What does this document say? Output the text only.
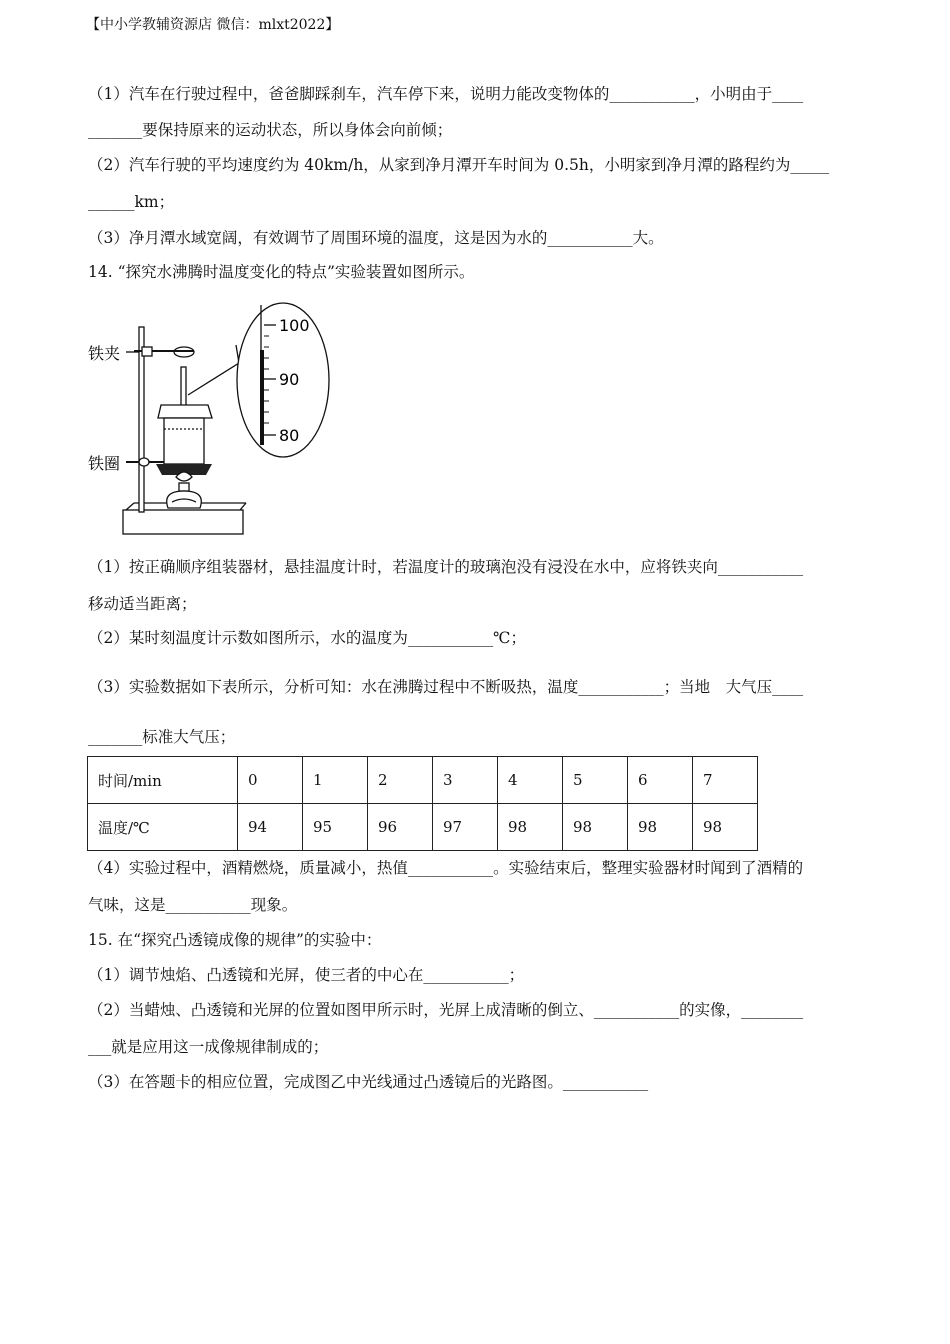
【中小学教辅资源店 微信：mlxt2022】
（1）汽车在行驶过程中，爸爸脚踩刹车，汽车停下来，说明力能改变物体的___________，小明由于____
_______要保持原来的运动状态，所以身体会向前倾；
（2）汽车行驶的平均速度约为 40km/h，从家到净月潭开车时间为 0.5h，小明家到净月潭的路程约为_____
______km；
（3）净月潭水域宽阔，有效调节了周围环境的温度，这是因为水的___________大。
14. “探究水沸腾时温度变化的特点”实验装置如图所示。
铁夹
铁圈
100
90
80
（1）按正确顺序组装器材，悬挂温度计时，若温度计的玻璃泡没有浸没在水中，应将铁夹向___________
移动适当距离；
（2）某时刻温度计示数如图所示，水的温度为___________℃；
（3）实验数据如下表所示，分析可知：水在沸腾过程中不断吸热，温度___________；当地　大气压____
_______标准大气压；
时间/min	0	1	2	3	4	5	6	7
温度/℃	94	95	96	97	98	98	98	98
（4）实验过程中，酒精燃烧，质量减小，热值___________。实验结束后，整理实验器材时闻到了酒精的
气味，这是___________现象。
15. 在“探究凸透镜成像的规律”的实验中：
（1）调节烛焰、凸透镜和光屏，使三者的中心在___________；
（2）当蜡烛、凸透镜和光屏的位置如图甲所示时，光屏上成清晰的倒立、___________的实像，________
___就是应用这一成像规律制成的；
（3）在答题卡的相应位置，完成图乙中光线通过凸透镜后的光路图。___________
